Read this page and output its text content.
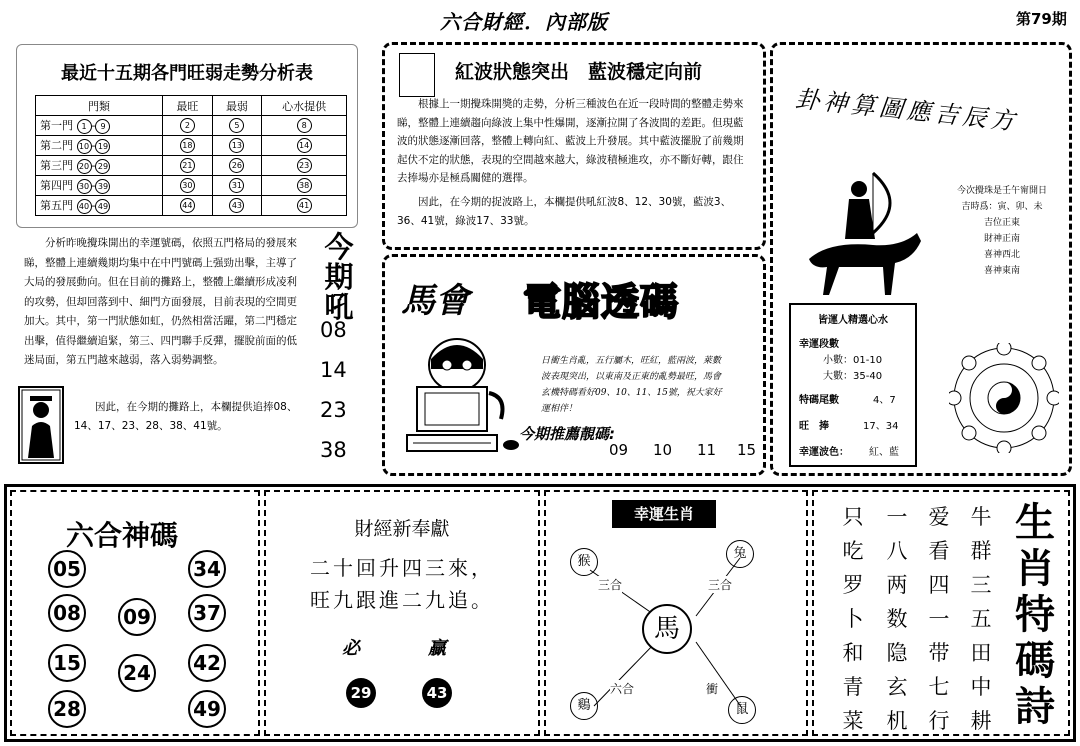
六合財經．內部版	第79期
最近十五期各門旺弱走勢分析表
門類	最旺	最弱	心水提供
第一門 1 - 9	2	5	8
第二門 10 - 19	18	13	14
第三門 20 - 29	21	26	23
第四門 30 - 39	30	31	38
第五門 40 - 49	44	43	41
分析昨晚攪珠開出的幸運號碼，依照五門格局的發展來睇，整體上連續幾期均集中在中門號碼上强勁出擊，主導了大局的發展動向。但在目前的攤路上，整體上繼續形成凌利的攻勢，但却回落到中、細門方面發展，目前表現的空間更加大。其中，第一門狀態如虹，仍然相當活躍，第二門穩定出擊，值得繼續追緊，第三、四門聯手反彈，擺脫前面的低迷局面，第五門越來越弱，落入弱勢調整。
因此，在今期的攤路上，本欄提供追捧08、14、17、23、28、38、41號。
今期吼
08
14
23
38
紅波狀態突出　藍波穩定向前
根據上一期攪珠開獎的走勢，分析三種波色在近一段時間的整體走勢來睇，整體上連續趨向綠波上集中性爆開，逐漸拉開了各波間的差距。但現藍波的狀態逐漸回落，整體上轉向紅、藍波上升發展。其中藍波擺脫了前幾期起伏不定的狀態，表現的空間越來越大，綠波積極進攻，亦不斷好轉，跟住去捧場亦是極爲關健的選擇。
因此，在今期的捉波路上，本欄提供吼紅波8、12、30號，藍波3、36、41號，綠波17、33號。
馬會 電腦透碼
日衝生肖亂，五行屬木，旺紅，藍兩波，萊數波表現突出，以東南及正東的亂勢最旺，馬會玄機特碼看好09、10、11、15號，祝大家好運相伴！
今期推薦靚碼:
09 10 11 15
卦神算圖應吉辰方
今次攪珠是壬午甯開日
吉時爲：寅、卯、未
吉位正東
財神正南
喜神西北
喜神東南
皆運人精選心水
幸運段數
小數：01-10
大數：35-40
特碼尾數	4、7
旺　捧	17、34
幸運波色： 紅、藍
六合神碼
05	34
08 09 37
15 24 42
28	49
財經新奉獻
二十回升四三來，
旺九跟進二九追。
必	贏
29	43
幸運生肖
猴
兔
鷄	鼠
馬
三合	三合
六合	衝
牛群三五田中耕
爱看四一带七行
一八两数隐玄机
只吃罗卜和青菜
生肖特碼詩
